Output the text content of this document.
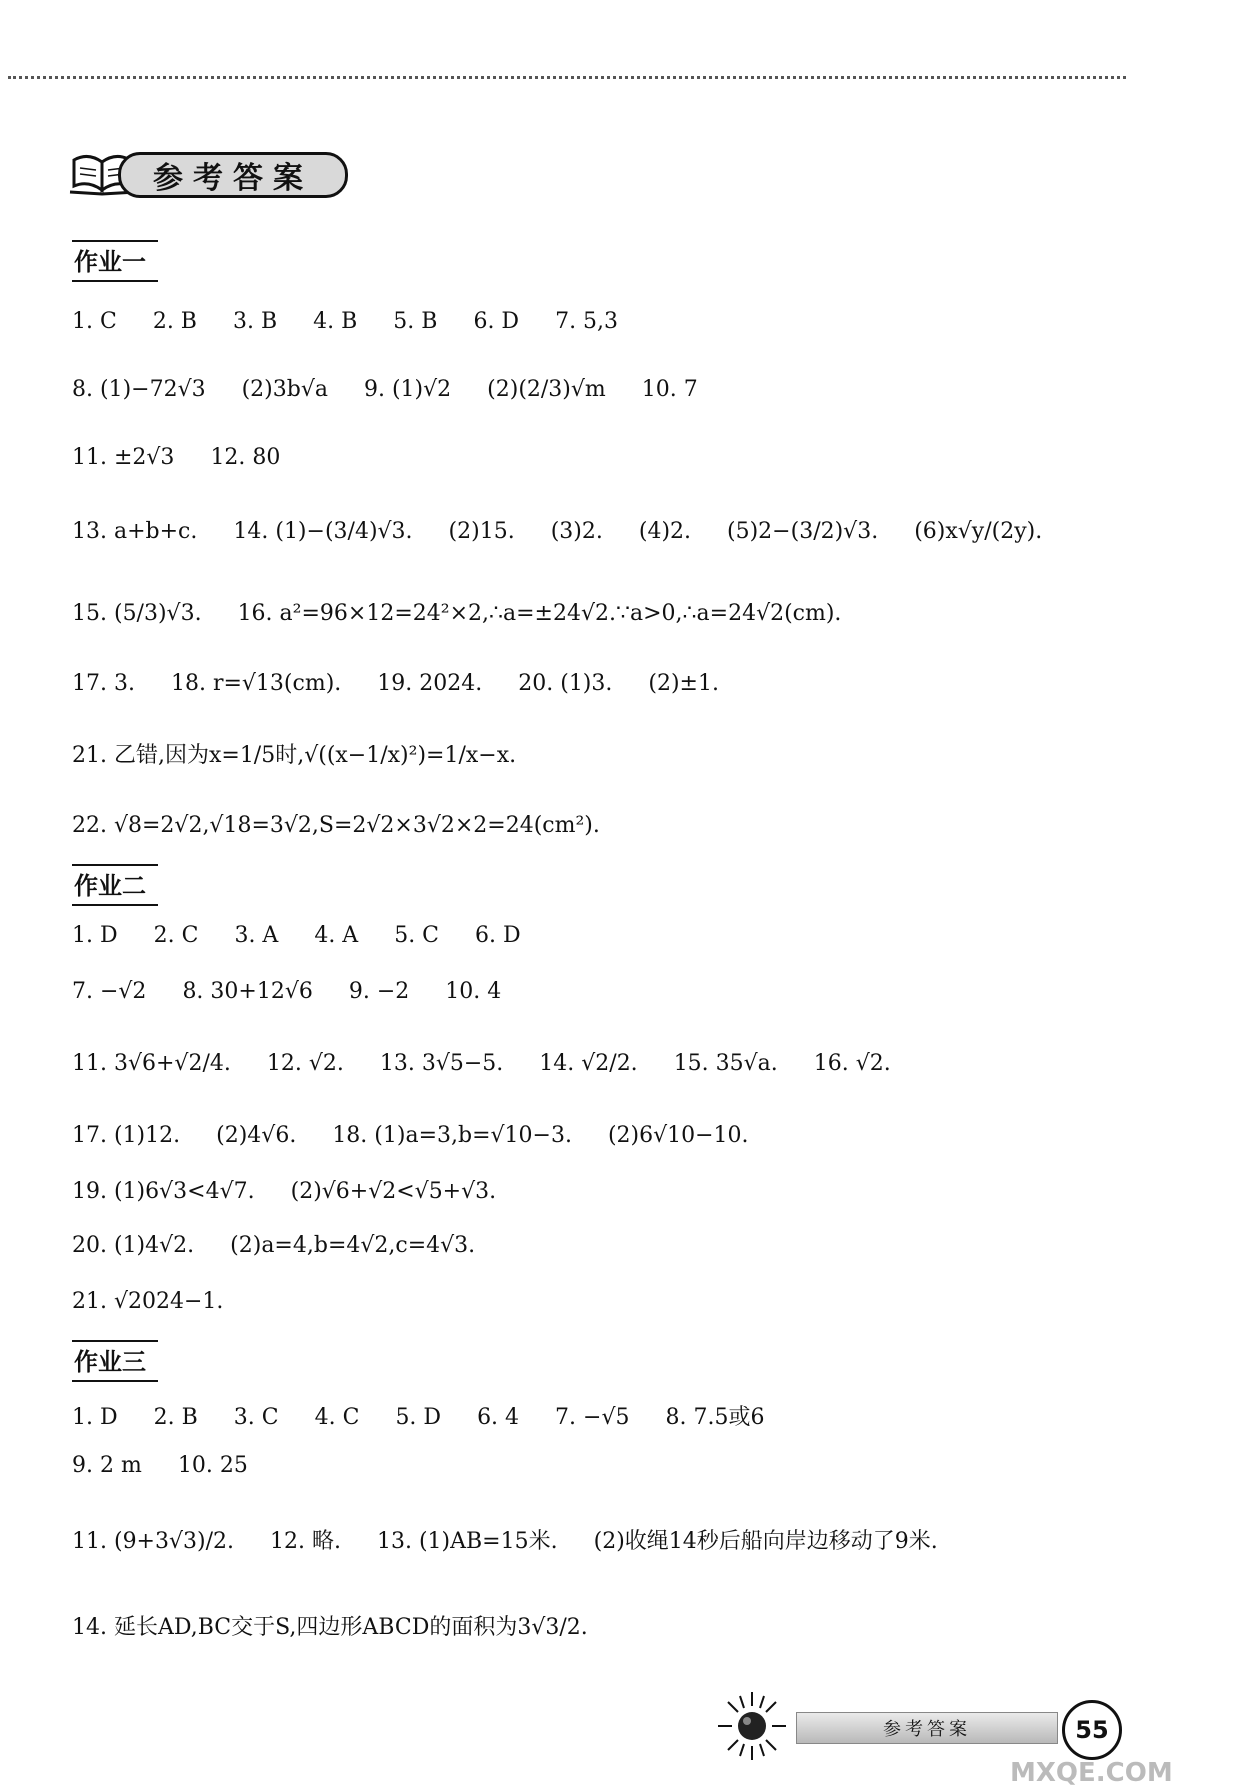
参考答案
作业一
1. C 2. B 3. B 4. B 5. B 6. D 7. 5,3
8. (1)−72√3 (2)3b√a 9. (1)√2 (2)(2/3)√m 10. 7
11. ±2√3 12. 80
13. a+b+c. 14. (1)−(3/4)√3. (2)15. (3)2. (4)2. (5)2−(3/2)√3. (6)x√y/(2y).
15. (5/3)√3. 16. a²=96×12=24²×2,∴a=±24√2.∵a>0,∴a=24√2(cm).
17. 3. 18. r=√13(cm). 19. 2024. 20. (1)3. (2)±1.
21. 乙错,因为x=1/5时,√((x−1/x)²)=1/x−x.
22. √8=2√2,√18=3√2,S=2√2×3√2×2=24(cm²).
作业二
1. D 2. C 3. A 4. A 5. C 6. D
7. −√2 8. 30+12√6 9. −2 10. 4
11. 3√6+√2/4. 12. √2. 13. 3√5−5. 14. √2/2. 15. 35√a. 16. √2.
17. (1)12. (2)4√6. 18. (1)a=3,b=√10−3. (2)6√10−10.
19. (1)6√3<4√7. (2)√6+√2<√5+√3.
20. (1)4√2. (2)a=4,b=4√2,c=4√3.
21. √2024−1.
作业三
1. D 2. B 3. C 4. C 5. D 6. 4 7. −√5 8. 7.5或6
9. 2 m 10. 25
11. (9+3√3)/2. 12. 略. 13. (1)AB=15米. (2)收绳14秒后船向岸边移动了9米.
14. 延长AD,BC交于S,四边形ABCD的面积为3√3/2.
参考答案	55
MXQE.COM
